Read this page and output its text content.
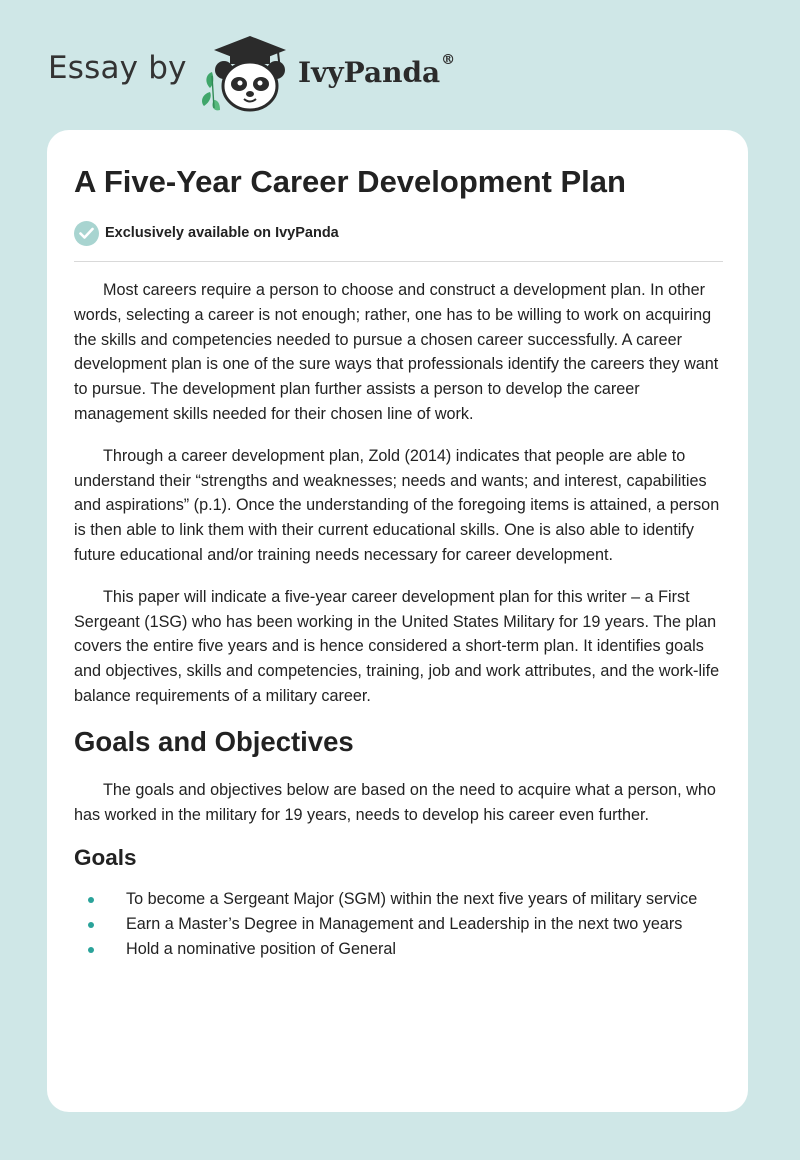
Essay by	IvyPanda®
A Five-Year Career Development Plan
Exclusively available on IvyPanda

Most careers require a person to choose and construct a development plan. In other words, selecting a career is not enough; rather, one has to be willing to work on acquiring the skills and competencies needed to pursue a chosen career successfully. A career development plan is one of the sure ways that professionals identify the careers they want to pursue. The development plan further assists a person to develop the career management skills needed for their chosen line of work.

Through a career development plan, Zold (2014) indicates that people are able to understand their “strengths and weaknesses; needs and wants; and interest, capabilities and aspirations” (p.1). Once the understanding of the foregoing items is attained, a person is then able to link them with their current educational skills. One is also able to identify future educational and/or training needs necessary for career development.

This paper will indicate a five-year career development plan for this writer – a First Sergeant (1SG) who has been working in the United States Military for 19 years. The plan covers the entire five years and is hence considered a short-term plan. It identifies goals and objectives, skills and competencies, training, job and work attributes, and the work-life balance requirements of a military career.

Goals and Objectives

The goals and objectives below are based on the need to acquire what a person, who has worked in the military for 19 years, needs to develop his career even further.

Goals
To become a Sergeant Major (SGM) within the next five years of military service
Earn a Master’s Degree in Management and Leadership in the next two years
Hold a nominative position of General
